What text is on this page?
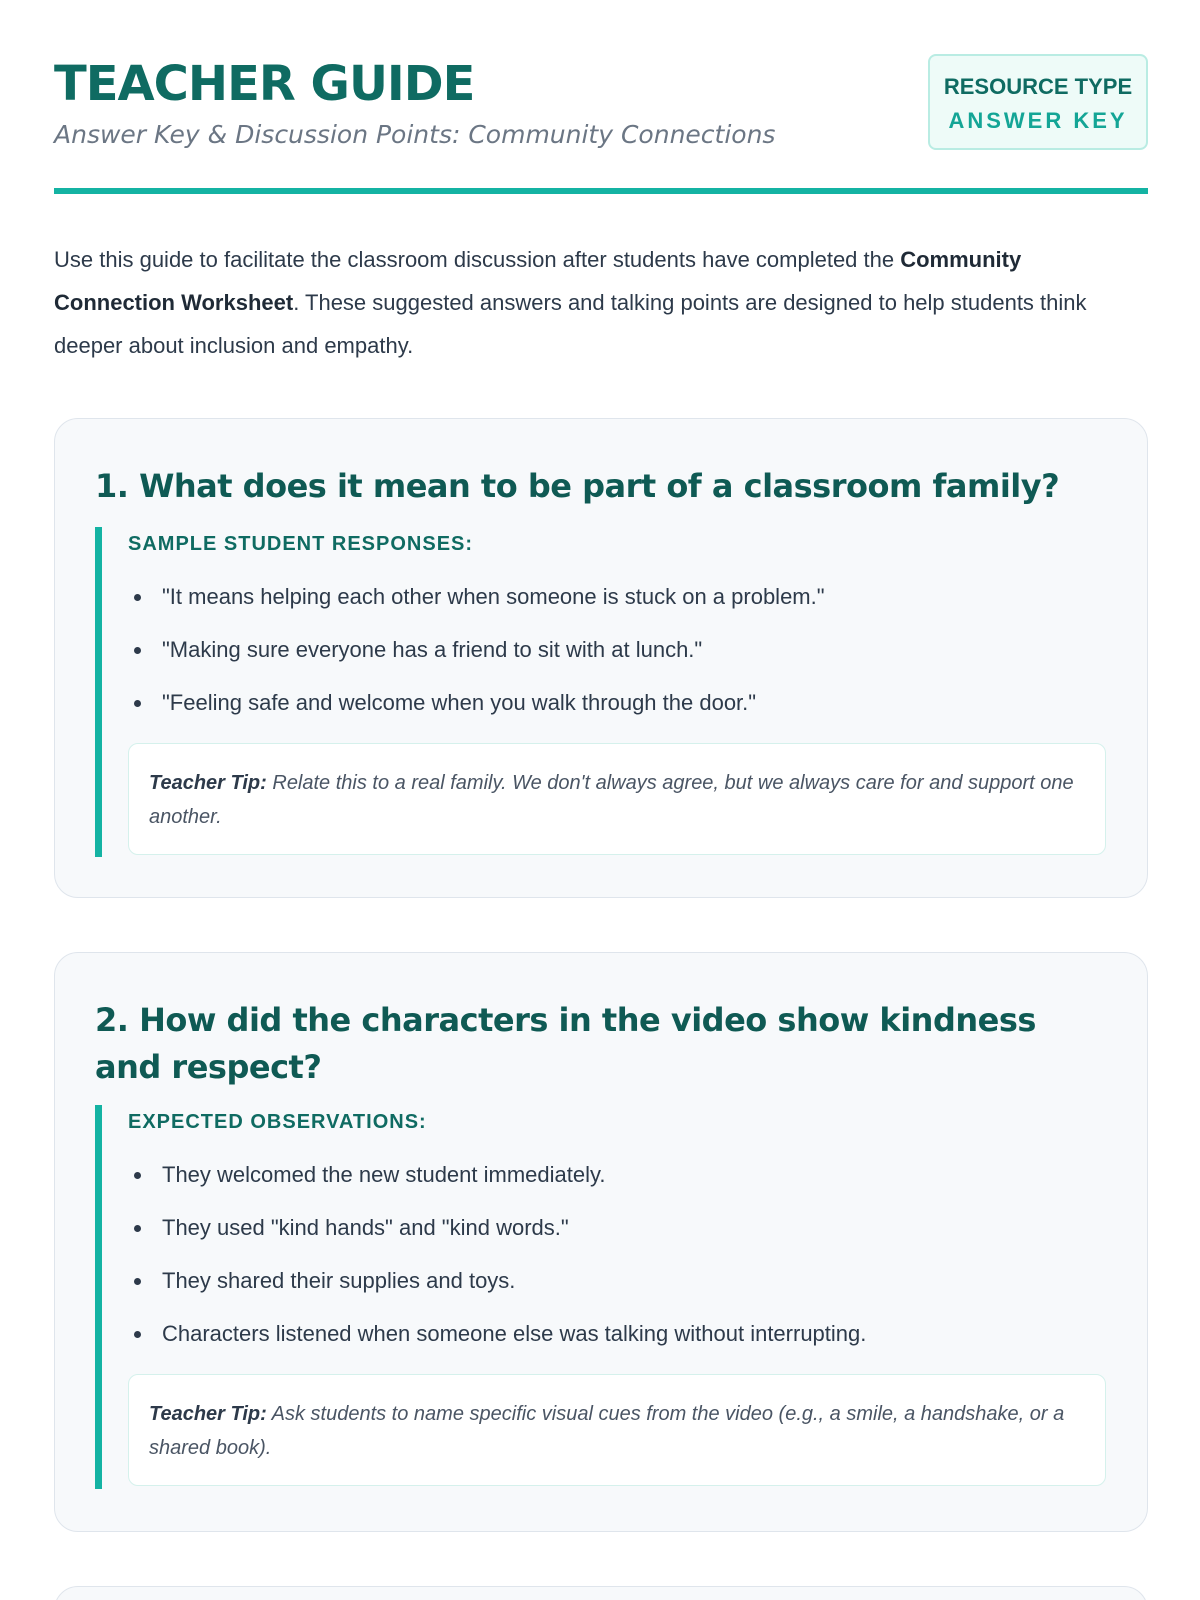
TEACHER GUIDE
Answer Key & Discussion Points: Community Connections
RESOURCE TYPE
ANSWER KEY

Use this guide to facilitate the classroom discussion after students have completed the Community Connection Worksheet. These suggested answers and talking points are designed to help students think deeper about inclusion and empathy.

1. What does it mean to be part of a classroom family?
SAMPLE STUDENT RESPONSES:
"It means helping each other when someone is stuck on a problem."
"Making sure everyone has a friend to sit with at lunch."
"Feeling safe and welcome when you walk through the door."
Teacher Tip: Relate this to a real family. We don't always agree, but we always care for and support one another.
2. How did the characters in the video show kindness and respect?
EXPECTED OBSERVATIONS:
They welcomed the new student immediately.
They used "kind hands" and "kind words."
They shared their supplies and toys.
Characters listened when someone else was talking without interrupting.
Teacher Tip: Ask students to name specific visual cues from the video (e.g., a smile, a handshake, or a shared book).
